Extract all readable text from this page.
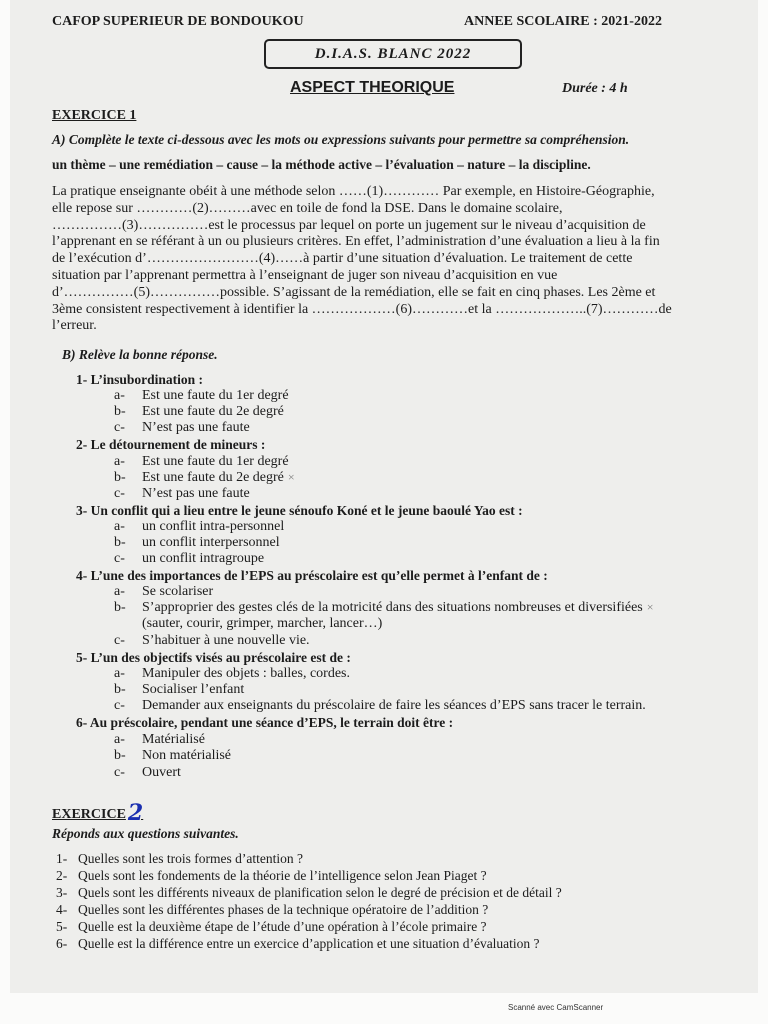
CAFOP SUPERIEUR DE BONDOUKOU	ANNEE SCOLAIRE : 2021-2022
D.I.A.S. BLANC 2022
ASPECT THEORIQUE	Durée : 4 h
EXERCICE 1
A) Complète le texte ci-dessous avec les mots ou expressions suivants pour permettre sa compréhension.
un thème – une remédiation – cause – la méthode active – l’évaluation – nature – la discipline.

La pratique enseignante obéit à une méthode selon ……(1)………… Par exemple, en Histoire-Géographie,

elle repose sur …………(2)………avec en toile de fond la DSE. Dans le domaine scolaire,

……………(3)……………est le processus par lequel on porte un jugement sur le niveau d’acquisition de

l’apprenant en se référant à un ou plusieurs critères. En effet, l’administration d’une évaluation a lieu à la fin

de l’exécution d’……………………(4)……à partir d’une situation d’évaluation. Le traitement de cette

situation par l’apprenant permettra à l’enseignant de juger son niveau d’acquisition en vue

d’……………(5)……………possible. S’agissant de la remédiation, elle se fait en cinq phases. Les 2ème et

3ème consistent respectivement à identifier la ………………(6)…………et la ………………..(7)…………de

l’erreur.

B) Relève la bonne réponse.
1- L’insubordination :
a- Est une faute du 1er degré
b- Est une faute du 2e degré
c- N’est pas une faute
2- Le détournement de mineurs :
a- Est une faute du 1er degré
b- Est une faute du 2e degré ×
c- N’est pas une faute
3- Un conflit qui a lieu entre le jeune sénoufo Koné et le jeune baoulé Yao est :
a- un conflit intra-personnel
b- un conflit interpersonnel
c- un conflit intragroupe
4- L’une des importances de l’EPS au préscolaire est qu’elle permet à l’enfant de :
a- Se scolariser
b- S’approprier des gestes clés de la motricité dans des situations nombreuses et diversifiées ×
(sauter, courir, grimper, marcher, lancer…)
c- S’habituer à une nouvelle vie.
5- L’un des objectifs visés au préscolaire est de :
a- Manipuler des objets : balles, cordes.
b- Socialiser l’enfant
c- Demander aux enseignants du préscolaire de faire les séances d’EPS sans tracer le terrain.
6- Au préscolaire, pendant une séance d’EPS, le terrain doit être :
a- Matérialisé
b- Non matérialisé
c- Ouvert
EXERCICE2
Réponds aux questions suivantes.
1- Quelles sont les trois formes d’attention ?
2- Quels sont les fondements de la théorie de l’intelligence selon Jean Piaget ?
3- Quels sont les différents niveaux de planification selon le degré de précision et de détail ?
4- Quelles sont les différentes phases de la technique opératoire de l’addition ?
5- Quelle est la deuxième étape de l’étude d’une opération à l’école primaire ?
6- Quelle est la différence entre un exercice d’application et une situation d’évaluation ?
Scanné avec CamScanner
